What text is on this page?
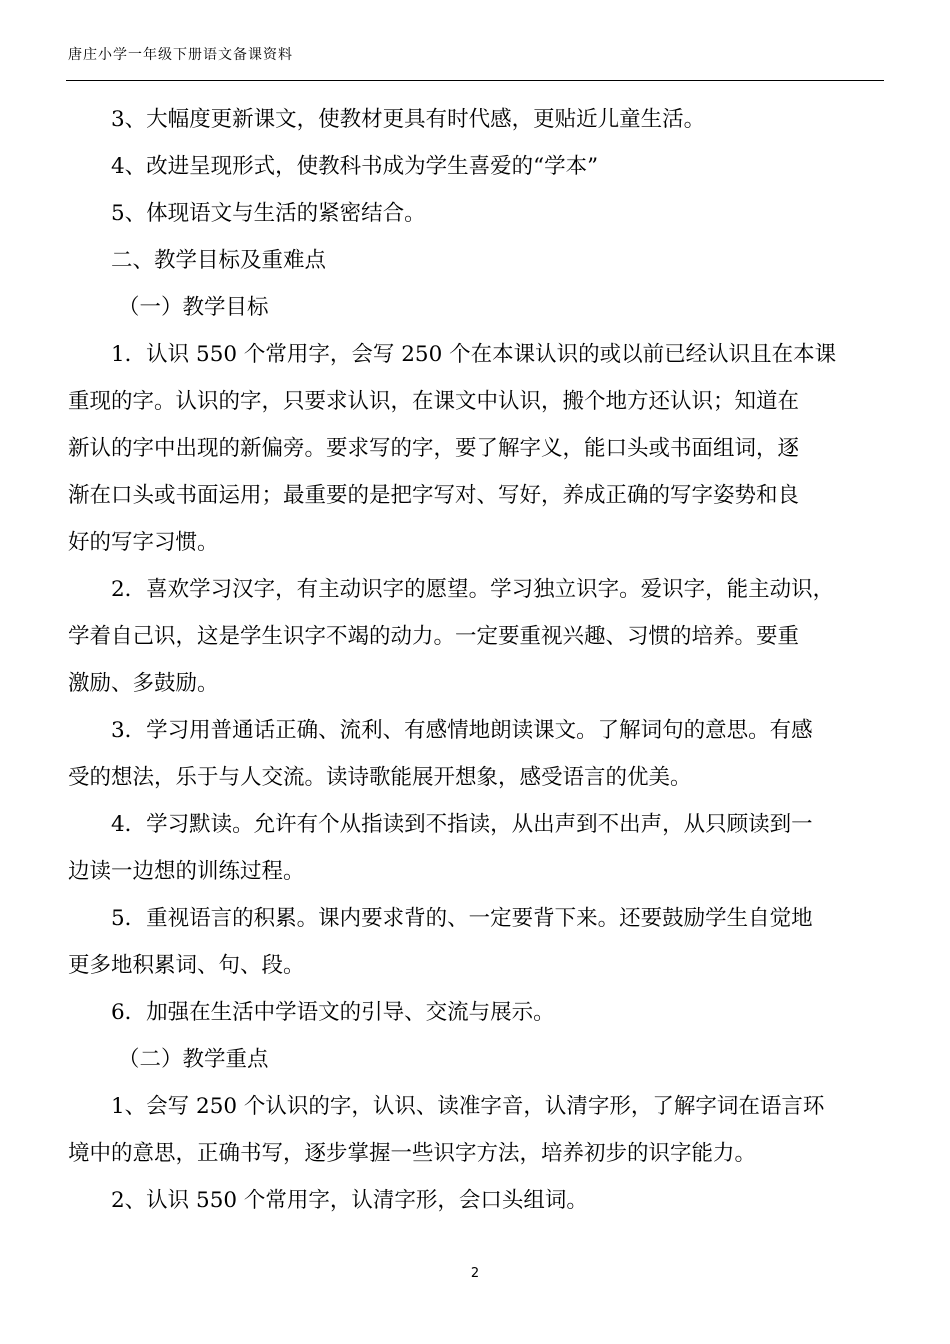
唐庄小学一年级下册语文备课资料
3、大幅度更新课文，使教材更具有时代感，更贴近儿童生活。
4、改进呈现形式，使教科书成为学生喜爱的“学本”
5、体现语文与生活的紧密结合。
二、教学目标及重难点
（一）教学目标
1．认识 550 个常用字，会写 250 个在本课认识的或以前已经认识且在本课
重现的字。认识的字，只要求认识，在课文中认识，搬个地方还认识；知道在
新认的字中出现的新偏旁。要求写的字，要了解字义，能口头或书面组词，逐
渐在口头或书面运用；最重要的是把字写对、写好，养成正确的写字姿势和良
好的写字习惯。
2．喜欢学习汉字，有主动识字的愿望。学习独立识字。爱识字，能主动识，
学着自己识，这是学生识字不竭的动力。一定要重视兴趣、习惯的培养。要重
激励、多鼓励。
3．学习用普通话正确、流利、有感情地朗读课文。了解词句的意思。有感
受的想法，乐于与人交流。读诗歌能展开想象，感受语言的优美。
4．学习默读。允许有个从指读到不指读，从出声到不出声，从只顾读到一
边读一边想的训练过程。
5．重视语言的积累。课内要求背的、一定要背下来。还要鼓励学生自觉地
更多地积累词、句、段。
6．加强在生活中学语文的引导、交流与展示。
（二）教学重点
1、会写 250 个认识的字，认识、读准字音，认清字形，了解字词在语言环
境中的意思，正确书写，逐步掌握一些识字方法，培养初步的识字能力。
2、认识 550 个常用字，认清字形，会口头组词。
2
